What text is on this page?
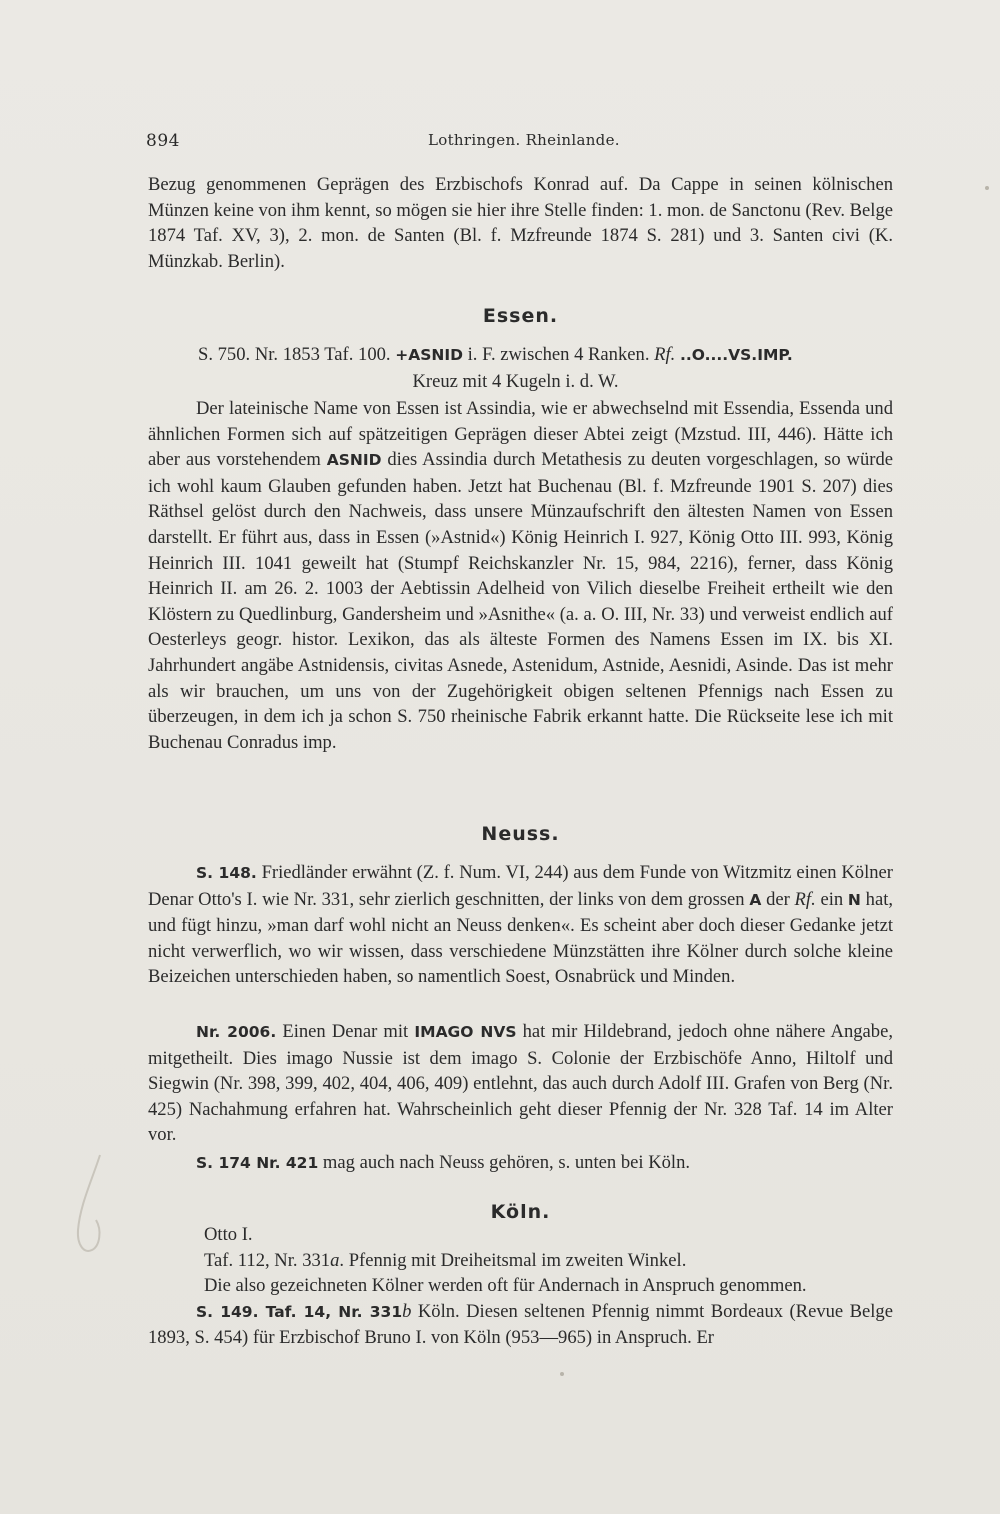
894	Lothringen. Rheinlande.
Bezug genommenen Geprägen des Erzbischofs Konrad auf. Da Cappe in seinen kölnischen Münzen keine von ihm kennt, so mögen sie hier ihre Stelle finden: 1. mon. de Sanctonu (Rev. Belge 1874 Taf. XV, 3), 2. mon. de Santen (Bl. f. Mzfreunde 1874 S. 281) und 3. Santen civi (K. Münzkab. Berlin).
Essen.
S. 750. Nr. 1853 Taf. 100. +ASNID i. F. zwischen 4 Ranken. Rf. ..O....VS.IMP.
Kreuz mit 4 Kugeln i. d. W.
Der lateinische Name von Essen ist Assindia, wie er abwechselnd mit Essendia, Essenda und ähnlichen Formen sich auf spätzeitigen Geprägen dieser Abtei zeigt (Mzstud. III, 446). Hätte ich aber aus vorstehendem ASNID dies Assindia durch Metathesis zu deuten vorgeschlagen, so würde ich wohl kaum Glauben gefunden haben. Jetzt hat Buchenau (Bl. f. Mzfreunde 1901 S. 207) dies Räthsel gelöst durch den Nachweis, dass unsere Münzaufschrift den ältesten Namen von Essen darstellt. Er führt aus, dass in Essen (»Astnid«) König Heinrich I. 927, König Otto III. 993, König Heinrich III. 1041 geweilt hat (Stumpf Reichskanzler Nr. 15, 984, 2216), ferner, dass König Heinrich II. am 26. 2. 1003 der Aebtissin Adelheid von Vilich dieselbe Freiheit ertheilt wie den Klöstern zu Quedlinburg, Gandersheim und »Asnithe« (a. a. O. III, Nr. 33) und verweist endlich auf Oesterleys geogr. histor. Lexikon, das als älteste Formen des Namens Essen im IX. bis XI. Jahrhundert angäbe Astnidensis, civitas Asnede, Astenidum, Astnide, Aesnidi, Asinde. Das ist mehr als wir brauchen, um uns von der Zugehörigkeit obigen seltenen Pfennigs nach Essen zu überzeugen, in dem ich ja schon S. 750 rheinische Fabrik erkannt hatte. Die Rückseite lese ich mit Buchenau Conradus imp.
Neuss.
S. 148. Friedländer erwähnt (Z. f. Num. VI, 244) aus dem Funde von Witzmitz einen Kölner Denar Otto's I. wie Nr. 331, sehr zierlich geschnitten, der links von dem grossen A der Rf. ein N hat, und fügt hinzu, »man darf wohl nicht an Neuss denken«. Es scheint aber doch dieser Gedanke jetzt nicht verwerflich, wo wir wissen, dass verschiedene Münzstätten ihre Kölner durch solche kleine Beizeichen unterschieden haben, so namentlich Soest, Osnabrück und Minden.
Nr. 2006. Einen Denar mit IMAGO NVS hat mir Hildebrand, jedoch ohne nähere Angabe, mitgetheilt. Dies imago Nussie ist dem imago S. Colonie der Erzbischöfe Anno, Hiltolf und Siegwin (Nr. 398, 399, 402, 404, 406, 409) entlehnt, das auch durch Adolf III. Grafen von Berg (Nr. 425) Nachahmung erfahren hat. Wahrscheinlich geht dieser Pfennig der Nr. 328 Taf. 14 im Alter vor.
S. 174 Nr. 421 mag auch nach Neuss gehören, s. unten bei Köln.
Köln.
Otto I.
Taf. 112, Nr. 331a. Pfennig mit Dreiheitsmal im zweiten Winkel.
Die also gezeichneten Kölner werden oft für Andernach in Anspruch genommen.
S. 149. Taf. 14, Nr. 331b Köln. Diesen seltenen Pfennig nimmt Bordeaux (Revue Belge 1893, S. 454) für Erzbischof Bruno I. von Köln (953—965) in Anspruch. Er
